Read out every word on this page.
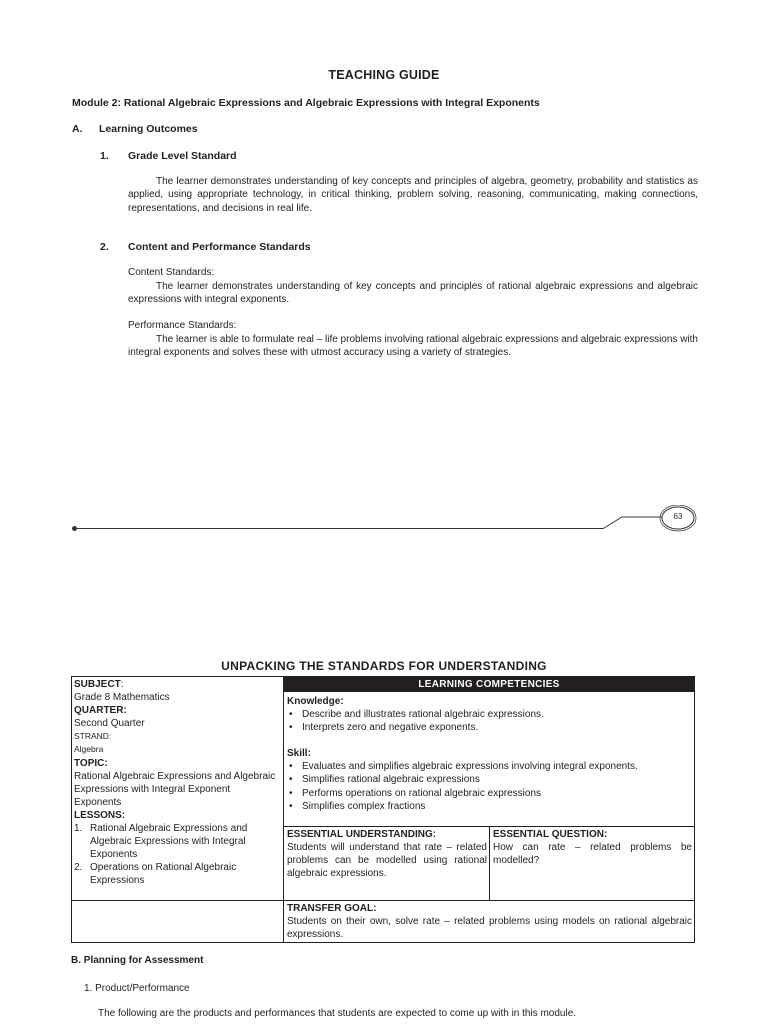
TEACHING GUIDE
Module 2: Rational Algebraic Expressions and Algebraic Expressions with Integral Exponents
A. Learning Outcomes
1. Grade Level Standard
The learner demonstrates understanding of key concepts and principles of algebra, geometry, probability and statistics as applied, using appropriate technology, in critical thinking, problem solving, reasoning, communicating, making connections, representations, and decisions in real life.
2. Content and Performance Standards
Content Standards:
The learner demonstrates understanding of key concepts and principles of rational algebraic expressions and algebraic expressions with integral exponents.
Performance Standards:
The learner is able to formulate real – life problems involving rational algebraic expressions and algebraic expressions with integral exponents and solves these with utmost accuracy using a variety of strategies.
63
UNPACKING THE STANDARDS FOR UNDERSTANDING
SUBJECT:
Grade 8 Mathematics
QUARTER:
Second Quarter
STRAND:
Algebra
TOPIC:
Rational Algebraic Expressions and Algebraic Expressions with Integral Exponent
Exponents
LESSONS:
1. Rational Algebraic Expressions and Algebraic Expressions with Integral Exponents
2. Operations on Rational Algebraic Expressions
LEARNING COMPETENCIES
Knowledge:
• Describe and illustrates rational algebraic expressions.
• Interprets zero and negative exponents.
Skill:
• Evaluates and simplifies algebraic expressions involving integral exponents.
• Simplifies rational algebraic expressions
• Performs operations on rational algebraic expressions
• Simplifies complex fractions
ESSENTIAL UNDERSTANDING:
Students will understand that rate – related problems can be modelled using rational algebraic expressions.
ESSENTIAL QUESTION:
How can rate – related problems be modelled?
TRANSFER GOAL:
Students on their own, solve rate – related problems using models on rational algebraic expressions.
B. Planning for Assessment
1. Product/Performance
The following are the products and performances that students are expected to come up with in this module.
